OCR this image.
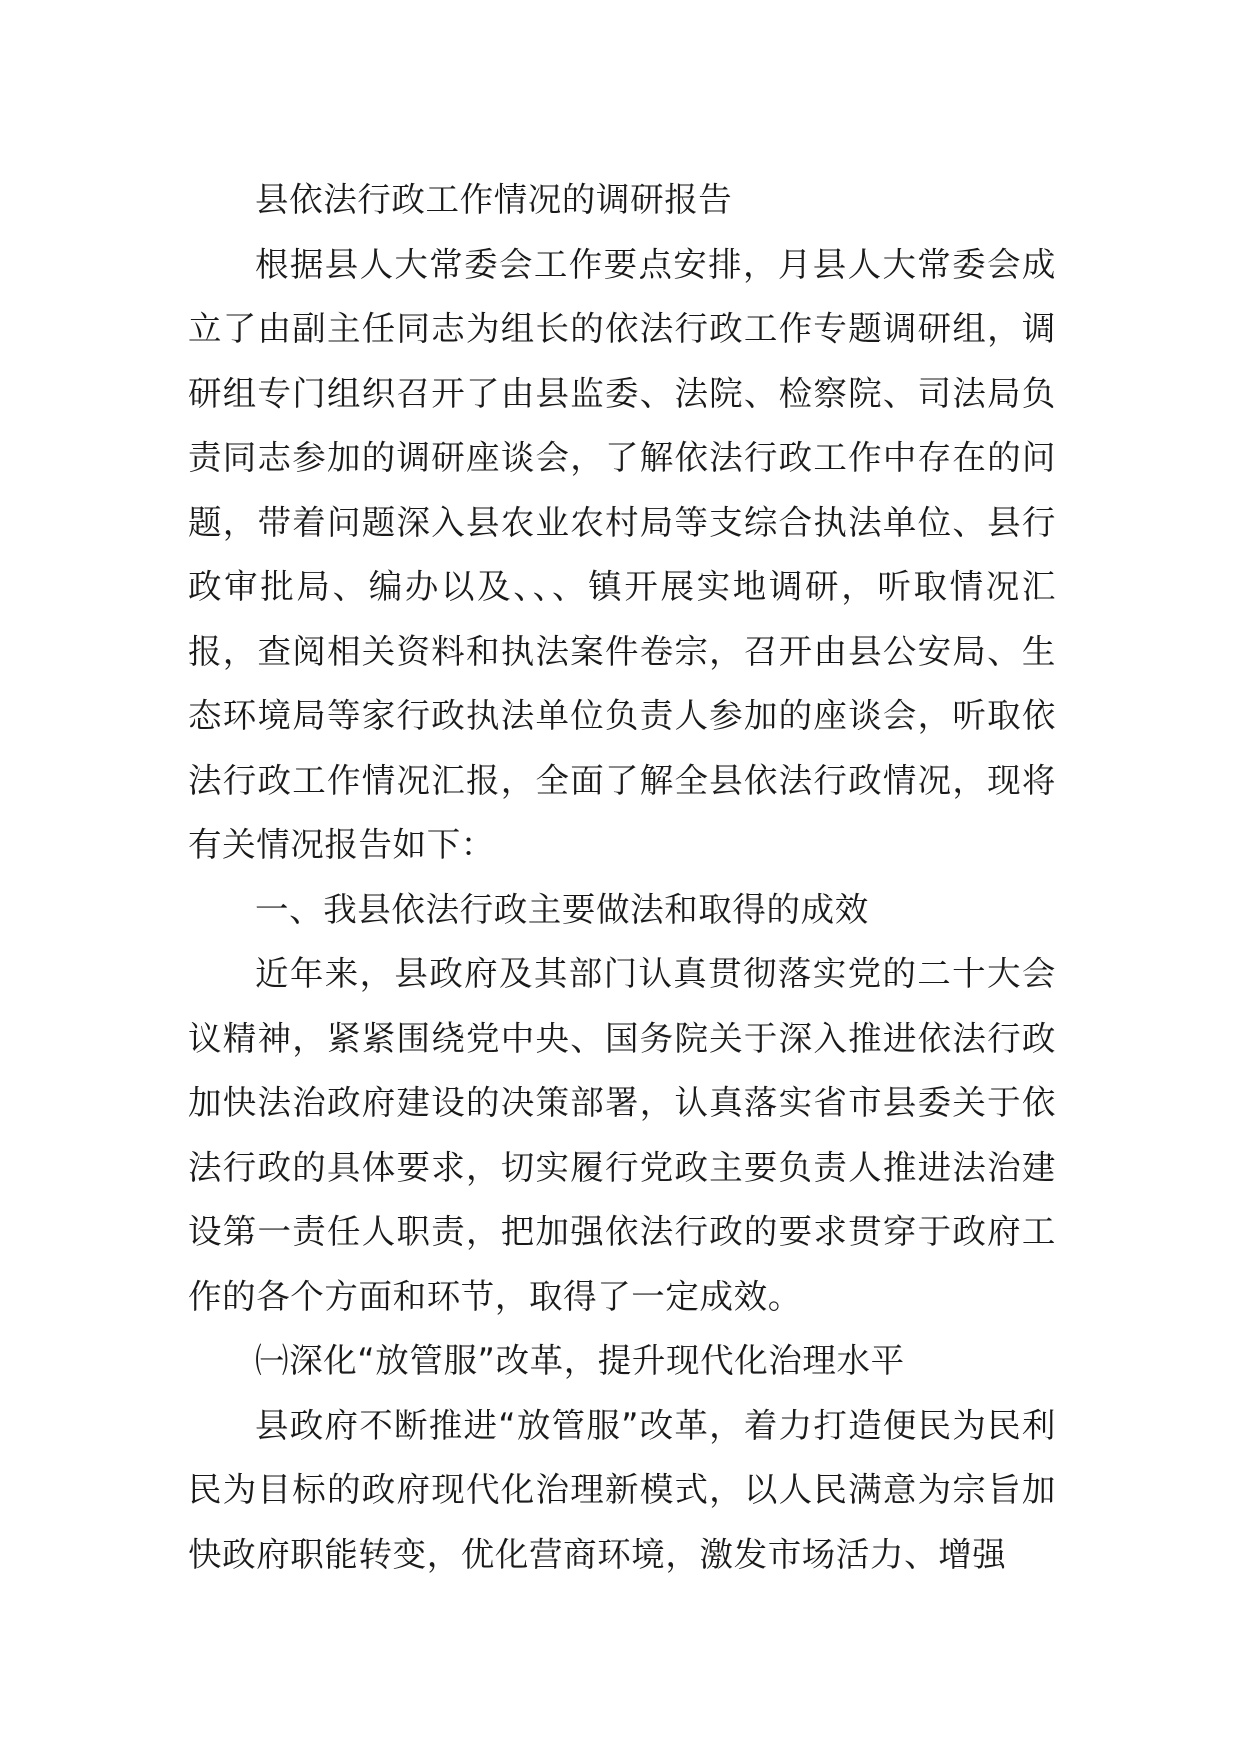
县依法行政工作情况的调研报告

根据县人大常委会工作要点安排，月县人大常委会成立了由副主任同志为组长的依法行政工作专题调研组，调研组专门组织召开了由县监委、法院、检察院、司法局负责同志参加的调研座谈会，了解依法行政工作中存在的问题，带着问题深入县农业农村局等支综合执法单位、县行政审批局、编办以及、、、镇开展实地调研，听取情况汇报，查阅相关资料和执法案件卷宗，召开由县公安局、生态环境局等家行政执法单位负责人参加的座谈会，听取依法行政工作情况汇报，全面了解全县依法行政情况，现将有关情况报告如下：

一、我县依法行政主要做法和取得的成效

近年来，县政府及其部门认真贯彻落实党的二十大会议精神，紧紧围绕党中央、国务院关于深入推进依法行政加快法治政府建设的决策部署，认真落实省市县委关于依法行政的具体要求，切实履行党政主要负责人推进法治建设第一责任人职责，把加强依法行政的要求贯穿于政府工作的各个方面和环节，取得了一定成效。

㈠深化“放管服”改革，提升现代化治理水平

县政府不断推进“放管服”改革，着力打造便民为民利民为目标的政府现代化治理新模式，以人民满意为宗旨加快政府职能转变，优化营商环境，激发市场活力、增强
